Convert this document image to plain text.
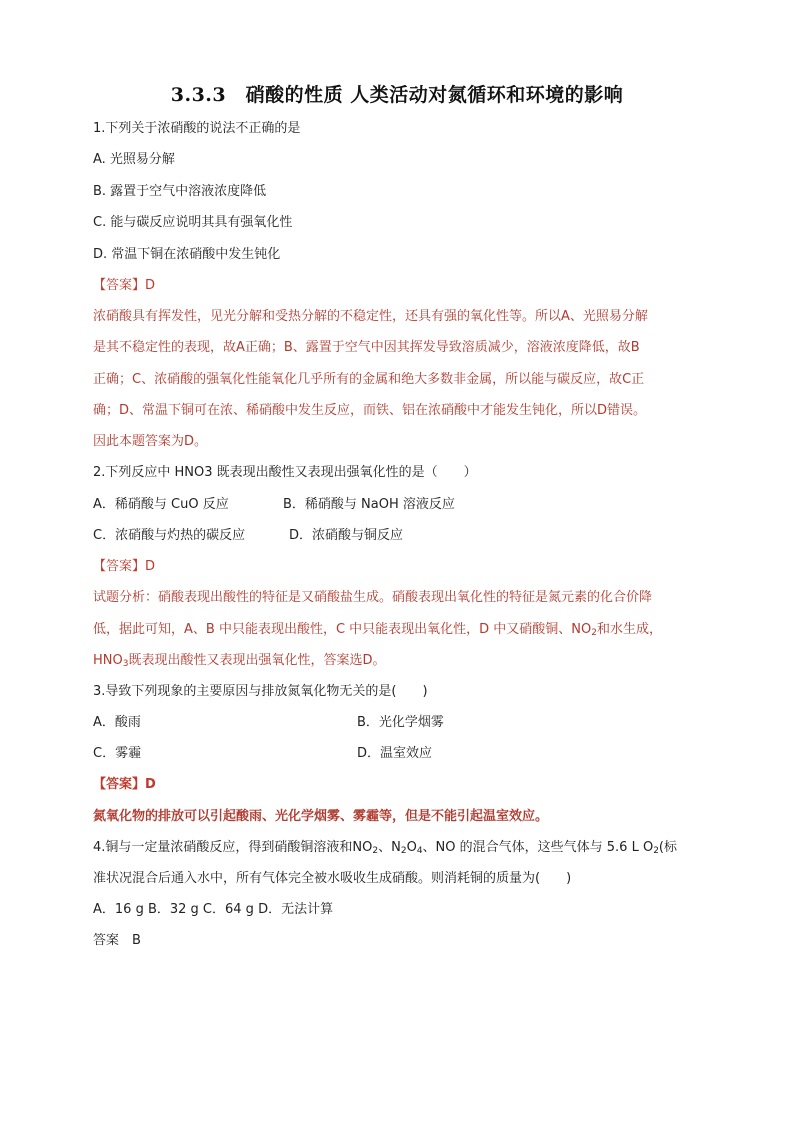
3.3.3　硝酸的性质 人类活动对氮循环和环境的影响
1.下列关于浓硝酸的说法不正确的是
A. 光照易分解
B. 露置于空气中溶液浓度降低
C. 能与碳反应说明其具有强氧化性
D. 常温下铜在浓硝酸中发生钝化
【答案】D
浓硝酸具有挥发性，见光分解和受热分解的不稳定性，还具有强的氧化性等。所以A、光照易分解
是其不稳定性的表现，故A正确；B、露置于空气中因其挥发导致溶质减少，溶液浓度降低，故B
正确；C、浓硝酸的强氧化性能氧化几乎所有的金属和绝大多数非金属，所以能与碳反应，故C正
确；D、常温下铜可在浓、稀硝酸中发生反应，而铁、铝在浓硝酸中才能发生钝化，所以D错误。
因此本题答案为D。
2.下列反应中 HNO3 既表现出酸性又表现出强氧化性的是（　　）
A．稀硝酸与 CuO 反应	B．稀硝酸与 NaOH 溶液反应
C．浓硝酸与灼热的碳反应	D．浓硝酸与铜反应
【答案】D
试题分析：硝酸表现出酸性的特征是又硝酸盐生成。硝酸表现出氧化性的特征是氮元素的化合价降
低，据此可知，A、B 中只能表现出酸性，C 中只能表现出氧化性，D 中又硝酸铜、$NO_2$和水生成，
$HNO_3$既表现出酸性又表现出强氧化性，答案选D。
3.导致下列现象的主要原因与排放氮氧化物无关的是(　　)
A．酸雨	B．光化学烟雾
C．雾霾	D．温室效应
【答案】D
氮氧化物的排放可以引起酸雨、光化学烟雾、雾霾等，但是不能引起温室效应。
4.铜与一定量浓硝酸反应，得到硝酸铜溶液和$NO_2$、$N_2O_4$、NO 的混合气体，这些气体与 5.6 L $O_2$(标
准状况混合后通入水中，所有气体完全被水吸收生成硝酸。则消耗铜的质量为(　　)
A．16 g B．32 g C．64 g D．无法计算
答案　B
